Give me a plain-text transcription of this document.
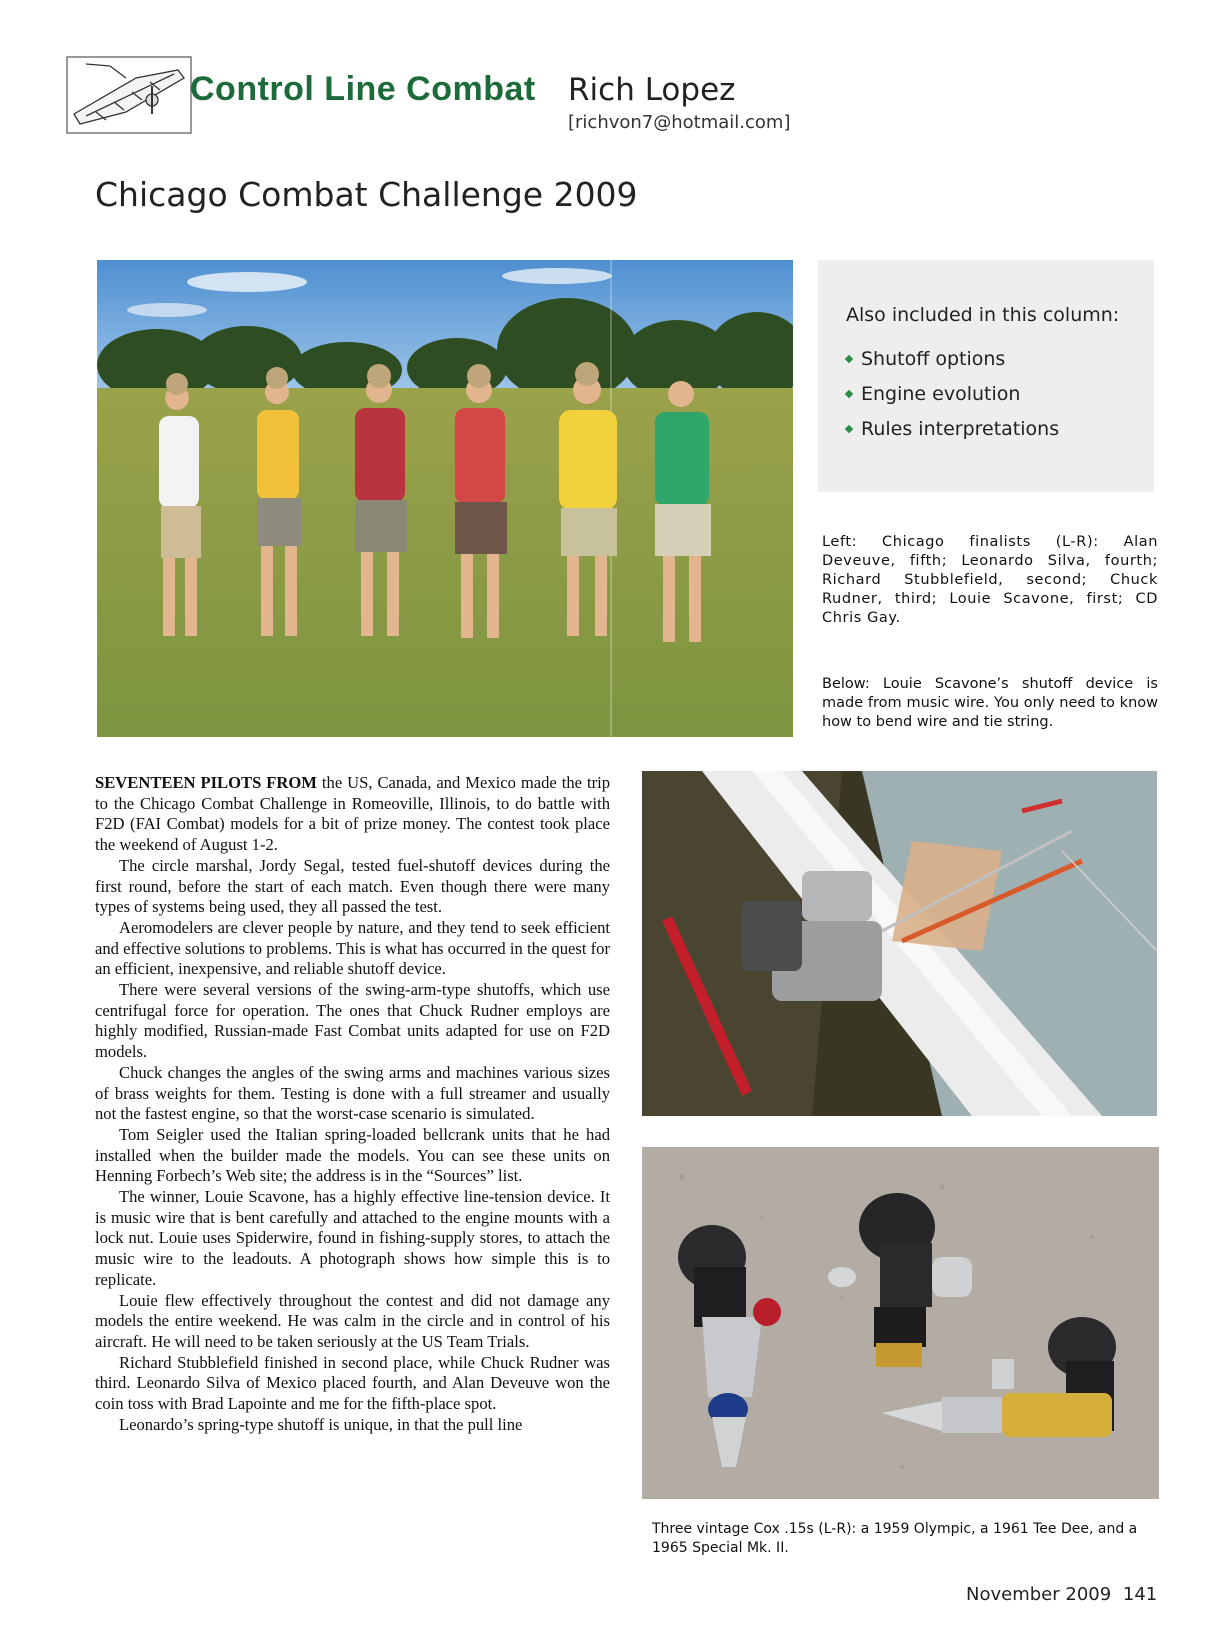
Control Line Combat Rich Lopez
[richvon7@hotmail.com]
Chicago Combat Challenge 2009
Also included in this column:
Shutoff options
Engine evolution
Rules interpretations
Left: Chicago finalists (L-R): Alan Deveuve, fifth; Leonardo Silva, fourth; Richard Stubblefield, second; Chuck Rudner, third; Louie Scavone, first; CD Chris Gay.
Below: Louie Scavone’s shutoff device is made from music wire. You only need to know how to bend wire and tie string.
Three vintage Cox .15s (L-R): a 1959 Olympic, a 1961 Tee Dee, and a 1965 Special Mk. II.

SEVENTEEN PILOTS FROM the US, Canada, and Mexico made the trip to the Chicago Combat Challenge in Romeoville, Illinois, to do battle with F2D (FAI Combat) models for a bit of prize money. The contest took place the weekend of August 1-2.

The circle marshal, Jordy Segal, tested fuel-shutoff devices during the first round, before the start of each match. Even though there were many types of systems being used, they all passed the test.

Aeromodelers are clever people by nature, and they tend to seek efficient and effective solutions to problems. This is what has occurred in the quest for an efficient, inexpensive, and reliable shutoff device.

There were several versions of the swing-arm-type shutoffs, which use centrifugal force for operation. The ones that Chuck Rudner employs are highly modified, Russian-made Fast Combat units adapted for use on F2D models.

Chuck changes the angles of the swing arms and machines various sizes of brass weights for them. Testing is done with a full streamer and usually not the fastest engine, so that the worst-case scenario is simulated.

Tom Seigler used the Italian spring-loaded bellcrank units that he had installed when the builder made the models. You can see these units on Henning Forbech’s Web site; the address is in the “Sources” list.

The winner, Louie Scavone, has a highly effective line-tension device. It is music wire that is bent carefully and attached to the engine mounts with a lock nut. Louie uses Spiderwire, found in fishing-supply stores, to attach the music wire to the leadouts. A photograph shows how simple this is to replicate.

Louie flew effectively throughout the contest and did not damage any models the entire weekend. He was calm in the circle and in control of his aircraft. He will need to be taken seriously at the US Team Trials.

Richard Stubblefield finished in second place, while Chuck Rudner was third. Leonardo Silva of Mexico placed fourth, and Alan Deveuve won the coin toss with Brad Lapointe and me for the fifth-place spot.

Leonardo’s spring-type shutoff is unique, in that the pull line

November 2009 141
